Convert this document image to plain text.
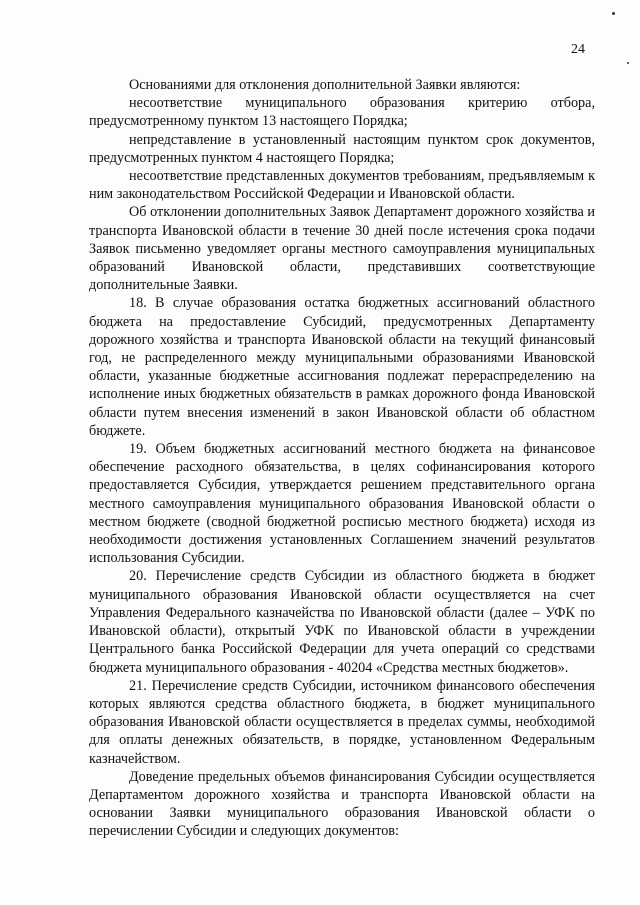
24

Основаниями для отклонения дополнительной Заявки являются:

несоответствие муниципального образования критерию отбора, предусмотренному пунктом 13 настоящего Порядка;

непредставление в установленный настоящим пунктом срок документов, предусмотренных пунктом 4 настоящего Порядка;

несоответствие представленных документов требованиям, предъявляемым к ним законодательством Российской Федерации и Ивановской области.

Об отклонении дополнительных Заявок Департамент дорожного хозяйства и транспорта Ивановской области в течение 30 дней после истечения срока подачи Заявок письменно уведомляет органы местного самоуправления муниципальных образований Ивановской области, представивших соответствующие дополнительные Заявки.

18. В случае образования остатка бюджетных ассигнований областного бюджета на предоставление Субсидий, предусмотренных Департаменту дорожного хозяйства и транспорта Ивановской области на текущий финансовый год, не распределенного между муниципальными образованиями Ивановской области, указанные бюджетные ассигнования подлежат перераспределению на исполнение иных бюджетных обязательств в рамках дорожного фонда Ивановской области путем внесения изменений в закон Ивановской области об областном бюджете.

19. Объем бюджетных ассигнований местного бюджета на финансовое обеспечение расходного обязательства, в целях софинансирования которого предоставляется Субсидия, утверждается решением представительного органа местного самоуправления муниципального образования Ивановской области о местном бюджете (сводной бюджетной росписью местного бюджета) исходя из необходимости достижения установленных Соглашением значений результатов использования Субсидии.

20. Перечисление средств Субсидии из областного бюджета в бюджет муниципального образования Ивановской области осуществляется на счет Управления Федерального казначейства по Ивановской области (далее – УФК по Ивановской области), открытый УФК по Ивановской области в учреждении Центрального банка Российской Федерации для учета операций со средствами бюджета муниципального образования - 40204 «Средства местных бюджетов».

21. Перечисление средств Субсидии, источником финансового обеспечения которых являются средства областного бюджета, в бюджет муниципального образования Ивановской области осуществляется в пределах суммы, необходимой для оплаты денежных обязательств, в порядке, установленном Федеральным казначейством.

Доведение предельных объемов финансирования Субсидии осуществляется Департаментом дорожного хозяйства и транспорта Ивановской области на основании Заявки муниципального образования Ивановской области о перечислении Субсидии и следующих документов:
